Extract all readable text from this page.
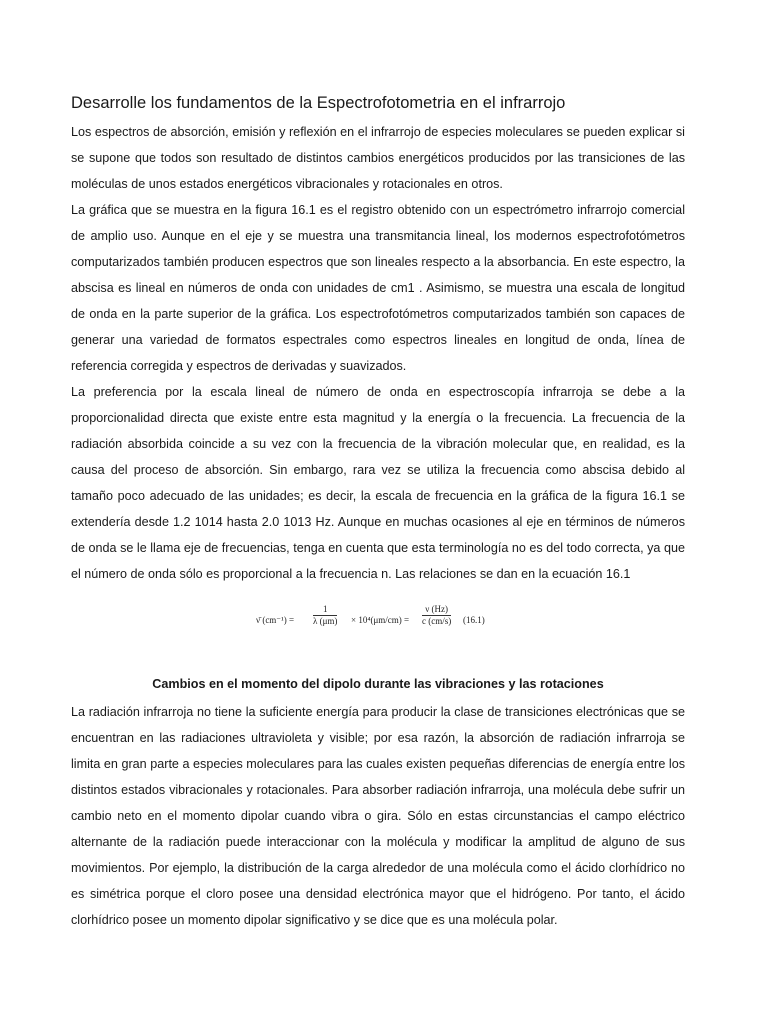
Desarrolle los fundamentos de la Espectrofotometria en el infrarrojo

Los espectros de absorción, emisión y reflexión en el infrarrojo de especies moleculares se pueden explicar si se supone que todos son resultado de distintos cambios energéticos producidos por las transiciones de las moléculas de unos estados energéticos vibracionales y rotacionales en otros.

La gráfica que se muestra en la figura 16.1 es el registro obtenido con un espectrómetro infrarrojo comercial de amplio uso. Aunque en el eje y se muestra una transmitancia lineal, los modernos espectrofotómetros computarizados también producen espectros que son lineales respecto a la absorbancia. En este espectro, la abscisa es lineal en números de onda con unidades de cm1 . Asimismo, se muestra una escala de longitud de onda en la parte superior de la gráfica. Los espectrofotómetros computarizados también son capaces de generar una variedad de formatos espectrales como espectros lineales en longitud de onda, línea de referencia corregida y espectros de derivadas y suavizados.

La preferencia por la escala lineal de número de onda en espectroscopía infrarroja se debe a la proporcionalidad directa que existe entre esta magnitud y la energía o la frecuencia. La frecuencia de la radiación absorbida coincide a su vez con la frecuencia de la vibración molecular que, en realidad, es la causa del proceso de absorción. Sin embargo, rara vez se utiliza la frecuencia como abscisa debido al tamaño poco adecuado de las unidades; es decir, la escala de frecuencia en la gráfica de la figura 16.1 se extendería desde 1.2 1014 hasta 2.0 1013 Hz. Aunque en muchas ocasiones al eje en términos de números de onda se le llama eje de frecuencias, tenga en cuenta que esta terminología no es del todo correcta, ya que el número de onda sólo es proporcional a la frecuencia n. Las relaciones se dan en la ecuación 16.1

ν̄ $(cm^{-1}) = \frac{1}{\lambda (\mu m)} \times 10^4(\mu m/cm) = \frac{\nu (Hz)}{c (cm/s)} (16.1)$
Cambios en el momento del dipolo durante las vibraciones y las rotaciones

La radiación infrarroja no tiene la suficiente energía para producir la clase de transiciones electrónicas que se encuentran en las radiaciones ultravioleta y visible; por esa razón, la absorción de radiación infrarroja se limita en gran parte a especies moleculares para las cuales existen pequeñas diferencias de energía entre los distintos estados vibracionales y rotacionales. Para absorber radiación infrarroja, una molécula debe sufrir un cambio neto en el momento dipolar cuando vibra o gira. Sólo en estas circunstancias el campo eléctrico alternante de la radiación puede interaccionar con la molécula y modificar la amplitud de alguno de sus movimientos. Por ejemplo, la distribución de la carga alrededor de una molécula como el ácido clorhídrico no es simétrica porque el cloro posee una densidad electrónica mayor que el hidrógeno. Por tanto, el ácido clorhídrico posee un momento dipolar significativo y se dice que es una molécula polar.
